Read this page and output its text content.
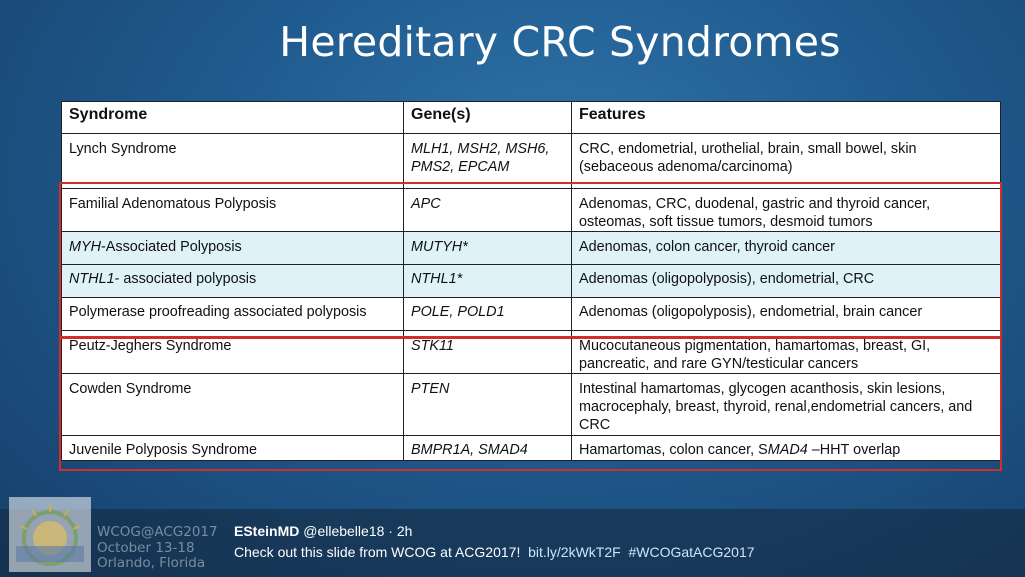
Hereditary CRC Syndromes
Syndrome	Gene(s)	Features
Lynch Syndrome	MLH1, MSH2, MSH6, PMS2, EPCAM	CRC, endometrial, urothelial, brain, small bowel, skin (sebaceous adenoma/carcinoma)
Familial Adenomatous Polyposis	APC	Adenomas, CRC, duodenal, gastric and thyroid cancer, osteomas, soft tissue tumors, desmoid tumors
MYH-Associated Polyposis	MUTYH*	Adenomas, colon cancer, thyroid cancer
NTHL1- associated polyposis	NTHL1*	Adenomas (oligopolyposis), endometrial, CRC
Polymerase proofreading associated polyposis	POLE, POLD1	Adenomas (oligopolyposis), endometrial, brain cancer
Peutz-Jeghers Syndrome	STK11	Mucocutaneous pigmentation, hamartomas, breast, GI, pancreatic, and rare GYN/testicular cancers
Cowden Syndrome	PTEN	Intestinal hamartomas, glycogen acanthosis, skin lesions, macrocephaly, breast, thyroid, renal,endometrial cancers, and CRC
Juvenile Polyposis Syndrome	BMPR1A, SMAD4	Hamartomas, colon cancer, SMAD4 –HHT overlap
WCOG@ACG2017
October 13-18
Orlando, Florida
ESteinMD @ellebelle18 · 2h
Check out this slide from WCOG at ACG2017! bit.ly/2kWkT2F #WCOGatACG2017
